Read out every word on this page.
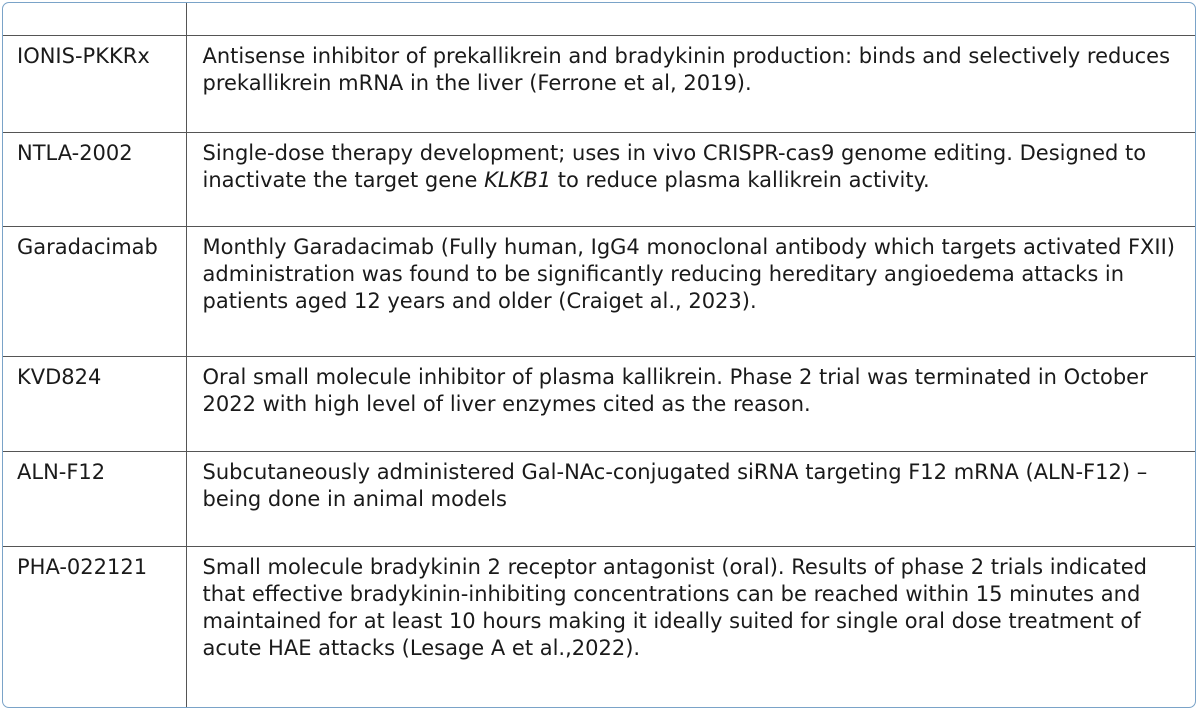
IONIS-PKKRx	Antisense inhibitor of prekallikrein and bradykinin production: binds and selectively reduces prekallikrein mRNA in the liver (Ferrone et al, 2019).
NTLA-2002	Single-dose therapy development; uses in vivo CRISPR-cas9 genome editing. Designed to inactivate the target gene KLKB1 to reduce plasma kallikrein activity.
Garadacimab	Monthly Garadacimab (Fully human, IgG4 monoclonal antibody which targets activated FXII) administration was found to be significantly reducing hereditary angioedema attacks in patients aged 12 years and older (Craiget al., 2023).
KVD824	Oral small molecule inhibitor of plasma kallikrein. Phase 2 trial was terminated in October 2022 with high level of liver enzymes cited as the reason.
ALN-F12	Subcutaneously administered Gal-NAc-conjugated siRNA targeting F12 mRNA (ALN-F12) – being done in animal models
PHA-022121	Small molecule bradykinin 2 receptor antagonist (oral). Results of phase 2 trials indicated that effective bradykinin-inhibiting concentrations can be reached within 15 minutes and maintained for at least 10 hours making it ideally suited for single oral dose treatment of acute HAE attacks (Lesage A et al.,2022).
